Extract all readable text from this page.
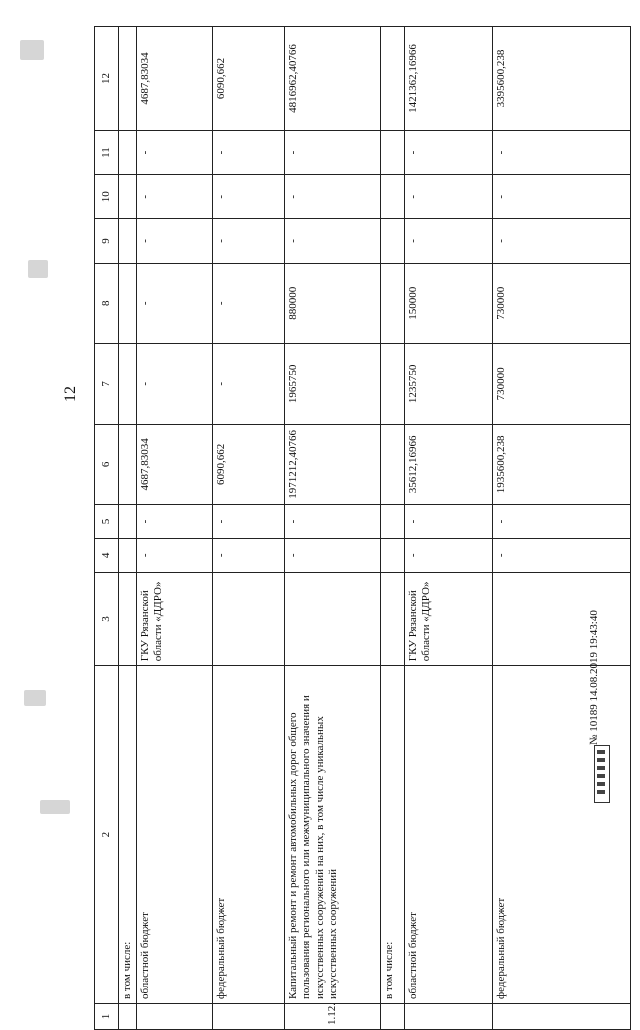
12
1	2	3	4	5	6	7	8	9	10	11	12
	в том числе:										
	областной бюджет	ГКУ Рязанской области «ДДРО»	-	-	4687,83034	-	-	-	-	-	4687,83034
	федеральный бюджет		-	-	6090,662	-	-	-	-	-	6090,662
1.12.	Капитальный ремонт и ремонт автомобильных дорог общего пользования регионального или межмуниципального значения и искусственных сооружений на них, в том числе уникальных искусственных сооружений		-	-	1971212,40766	1965750	880000	-	-	-	4816962,40766
	в том числе:										
	областной бюджет	ГКУ Рязанской области «ДДРО»	-	-	35612,16966	1235750	150000	-	-	-	1421362,16966
	федеральный бюджет		-	-	1935600,238	730000	730000	-	-	-	3395600,238
№ 10189 14.08.2019 19:43:40
